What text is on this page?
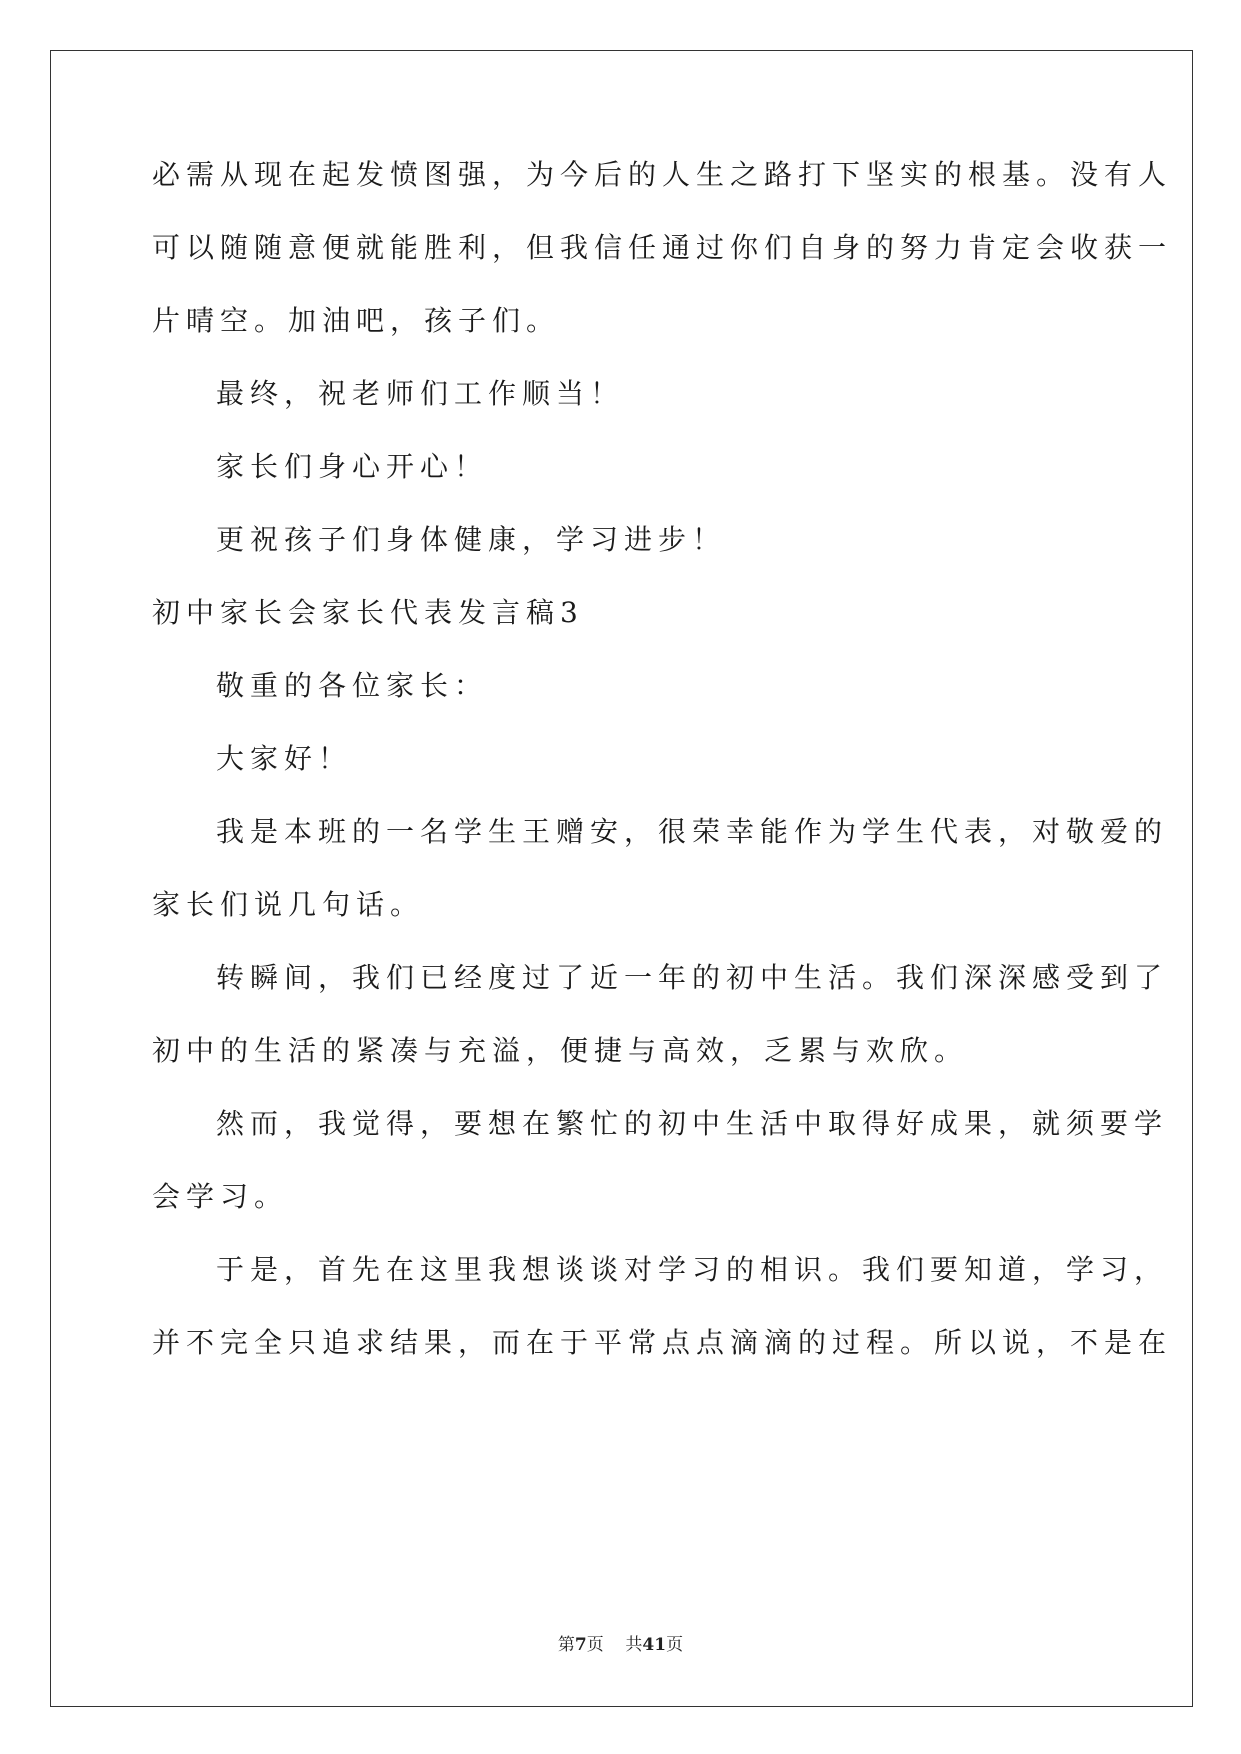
必需从现在起发愤图强，为今后的人生之路打下坚实的根基。没有人
可以随随意便就能胜利，但我信任通过你们自身的努力肯定会收获一
片晴空。加油吧，孩子们。
最终，祝老师们工作顺当！
家长们身心开心！
更祝孩子们身体健康，学习进步！
初中家长会家长代表发言稿3
敬重的各位家长：
大家好！
我是本班的一名学生王赠安，很荣幸能作为学生代表，对敬爱的
家长们说几句话。
转瞬间，我们已经度过了近一年的初中生活。我们深深感受到了
初中的生活的紧凑与充溢，便捷与高效，乏累与欢欣。
然而，我觉得，要想在繁忙的初中生活中取得好成果，就须要学
会学习。
于是，首先在这里我想谈谈对学习的相识。我们要知道，学习，
并不完全只追求结果，而在于平常点点滴滴的过程。所以说，不是在
第7页 共41页
